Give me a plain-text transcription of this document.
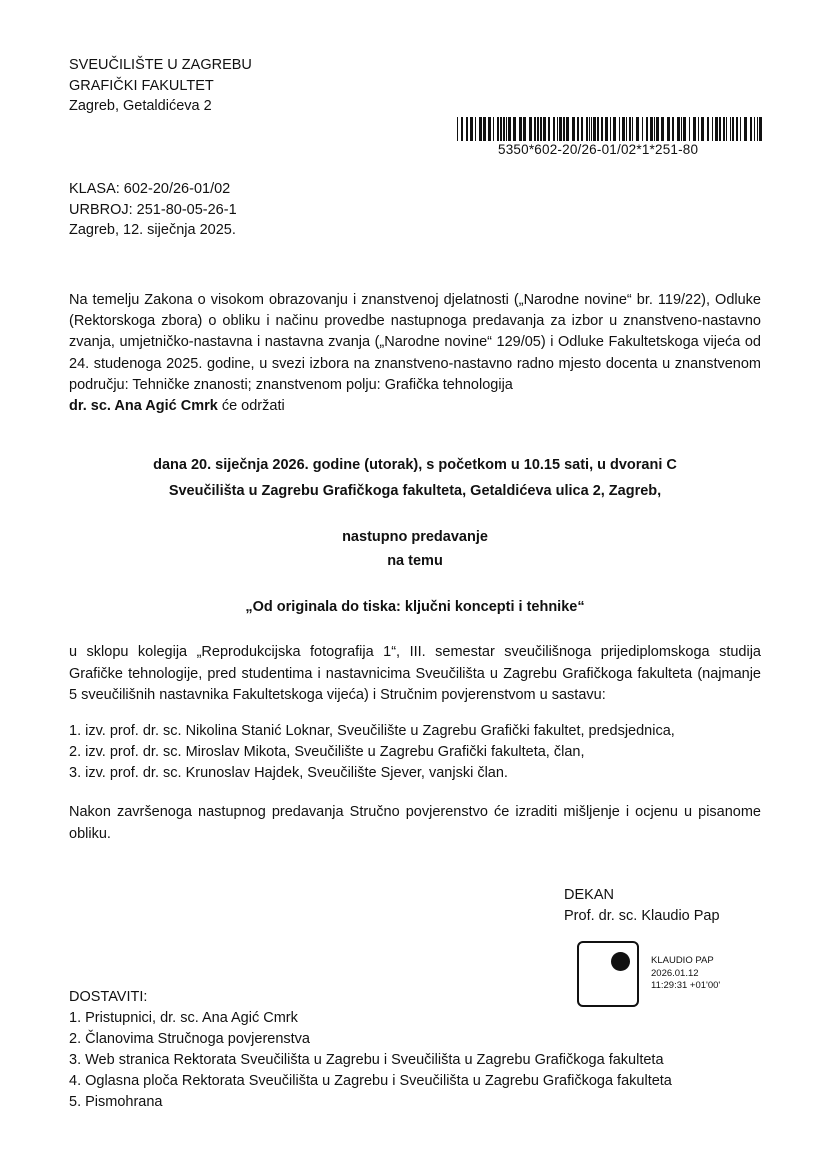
SVEUČILIŠTE U ZAGREBU
GRAFIČKI FAKULTET
Zagreb, Getaldićeva 2
5350*602-20/26-01/02*1*251-80
KLASA: 602-20/26-01/02
URBROJ: 251-80-05-26-1
Zagreb, 12. siječnja 2025.
Na temelju Zakona o visokom obrazovanju i znanstvenoj djelatnosti („Narodne novine“ br. 119/22), Odluke (Rektorskoga zbora) o obliku i načinu provedbe nastupnoga predavanja za izbor u znanstveno-nastavno zvanja, umjetničko-nastavna i nastavna zvanja („Narodne novine“ 129/05) i Odluke Fakultetskoga vijeća od 24. studenoga 2025. godine, u svezi izbora na znanstveno-nastavno radno mjesto docenta u znanstvenom području: Tehničke znanosti; znanstvenom polju: Grafička tehnologija
dr. sc. Ana Agić Cmrk će održati
dana 20. siječnja 2026. godine (utorak), s početkom u 10.15 sati, u dvorani C
Sveučilišta u Zagrebu Grafičkoga fakulteta, Getaldićeva ulica 2, Zagreb,
nastupno predavanje
na temu
„Od originala do tiska: ključni koncepti i tehnike“
u sklopu kolegija „Reprodukcijska fotografija 1“, III. semestar sveučilišnoga prijediplomskoga studija Grafičke tehnologije, pred studentima i nastavnicima Sveučilišta u Zagrebu Grafičkoga fakulteta (najmanje 5 sveučilišnih nastavnika Fakultetskoga vijeća) i Stručnim povjerenstvom u sastavu:
1. izv. prof. dr. sc. Nikolina Stanić Loknar, Sveučilište u Zagrebu Grafički fakultet, predsjednica,
2. izv. prof. dr. sc. Miroslav Mikota, Sveučilište u Zagrebu Grafički fakulteta, član,
3. izv. prof. dr. sc. Krunoslav Hajdek, Sveučilište Sjever, vanjski član.
Nakon završenoga nastupnog predavanja Stručno povjerenstvo će izraditi mišljenje i ocjenu u pisanome obliku.
DEKAN
Prof. dr. sc. Klaudio Pap
KLAUDIO PAP
2026.01.12
11:29:31 +01'00'
DOSTAVITI:
1. Pristupnici, dr. sc. Ana Agić Cmrk
2. Članovima Stručnoga povjerenstva
3. Web stranica Rektorata Sveučilišta u Zagrebu i Sveučilišta u Zagrebu Grafičkoga fakulteta
4. Oglasna ploča Rektorata Sveučilišta u Zagrebu i Sveučilišta u Zagrebu Grafičkoga fakulteta
5. Pismohrana
